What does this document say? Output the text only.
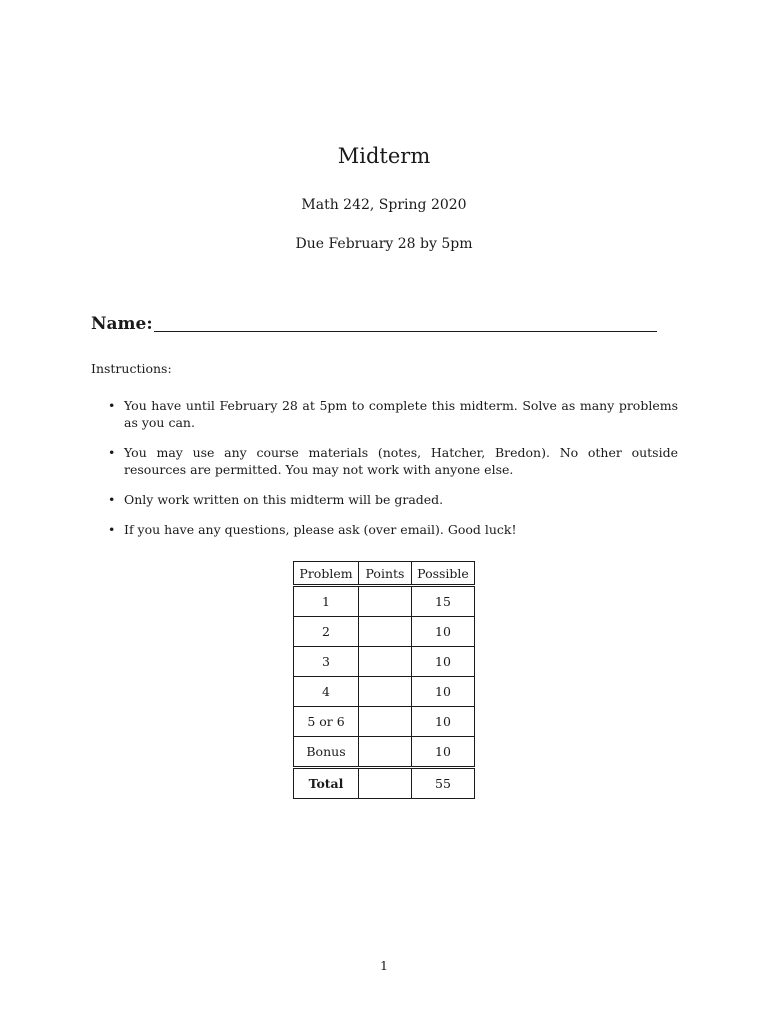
Midterm
Math 242, Spring 2020
Due February 28 by 5pm
Name:
Instructions:
• You have until February 28 at 5pm to complete this midterm. Solve as many problems as you can.
• You may use any course materials (notes, Hatcher, Bredon). No other outside resources are permitted. You may not work with anyone else.
• Only work written on this midterm will be graded.
• If you have any questions, please ask (over email). Good luck!
Problem	Points	Possible
1		15
2		10
3		10
4		10
5 or 6		10
Bonus		10
Total		55
1
